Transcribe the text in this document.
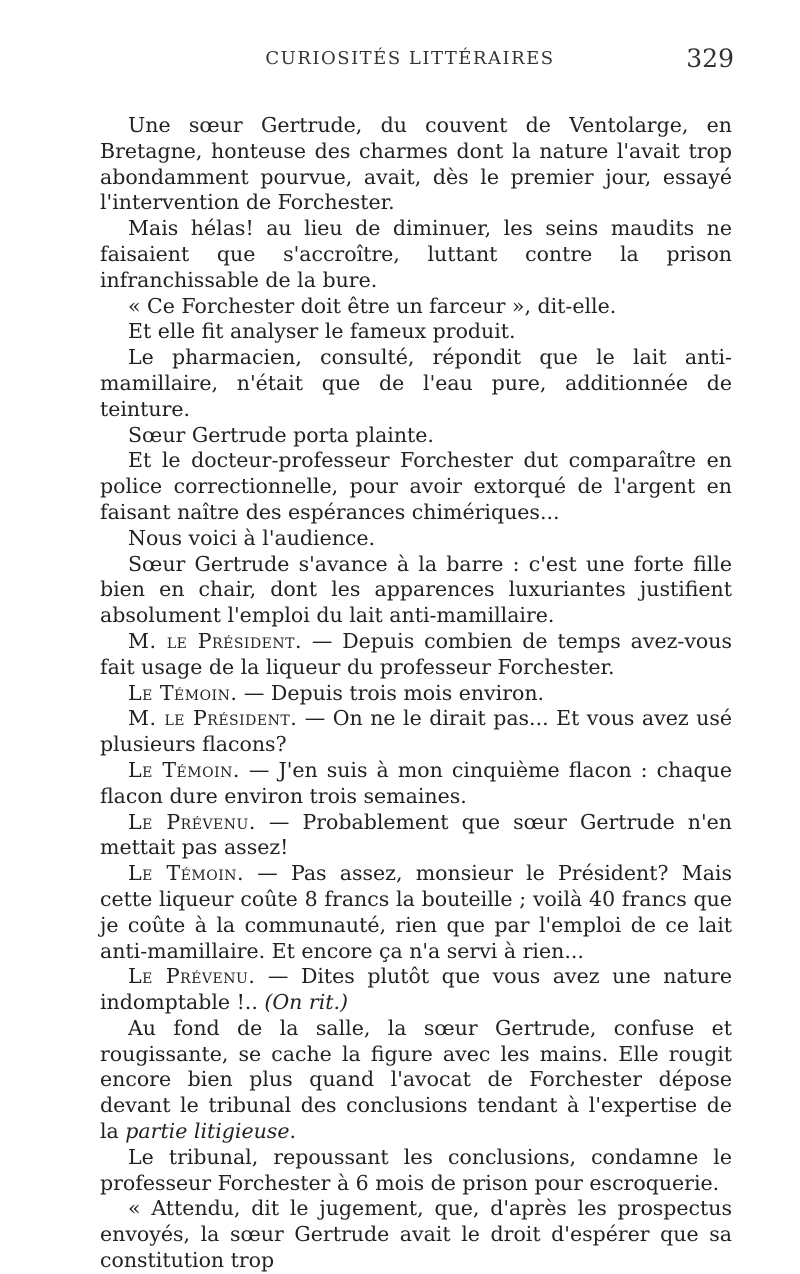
CURIOSITÉS LITTÉRAIRES	329

Une sœur Gertrude, du couvent de Ventolarge, en Bretagne, honteuse des charmes dont la nature l'avait trop abondamment pourvue, avait, dès le premier jour, essayé l'intervention de Forchester.

Mais hélas! au lieu de diminuer, les seins maudits ne faisaient que s'accroître, luttant contre la prison infranchissable de la bure.

« Ce Forchester doit être un farceur », dit-elle.

Et elle fit analyser le fameux produit.

Le pharmacien, consulté, répondit que le lait anti-mamillaire, n'était que de l'eau pure, additionnée de teinture.

Sœur Gertrude porta plainte.

Et le docteur-professeur Forchester dut comparaître en police correctionnelle, pour avoir extorqué de l'argent en faisant naître des espérances chimériques...

Nous voici à l'audience.

Sœur Gertrude s'avance à la barre : c'est une forte fille bien en chair, dont les apparences luxuriantes justifient absolument l'emploi du lait anti-mamillaire.

M. le Président. — Depuis combien de temps avez-vous fait usage de la liqueur du professeur Forchester.

Le Témoin. — Depuis trois mois environ.

M. le Président. — On ne le dirait pas... Et vous avez usé plusieurs flacons?

Le Témoin. — J'en suis à mon cinquième flacon : chaque flacon dure environ trois semaines.

Le Prévenu. — Probablement que sœur Gertrude n'en mettait pas assez!

Le Témoin. — Pas assez, monsieur le Président? Mais cette liqueur coûte 8 francs la bouteille ; voilà 40 francs que je coûte à la communauté, rien que par l'emploi de ce lait anti-mamillaire. Et encore ça n'a servi à rien...

Le Prévenu. — Dites plutôt que vous avez une nature indomptable !.. (On rit.)

Au fond de la salle, la sœur Gertrude, confuse et rougissante, se cache la figure avec les mains. Elle rougit encore bien plus quand l'avocat de Forchester dépose devant le tribunal des conclusions tendant à l'expertise de la partie litigieuse.

Le tribunal, repoussant les conclusions, condamne le professeur Forchester à 6 mois de prison pour escroquerie.

« Attendu, dit le jugement, que, d'après les prospectus envoyés, la sœur Gertrude avait le droit d'espérer que sa constitution trop
